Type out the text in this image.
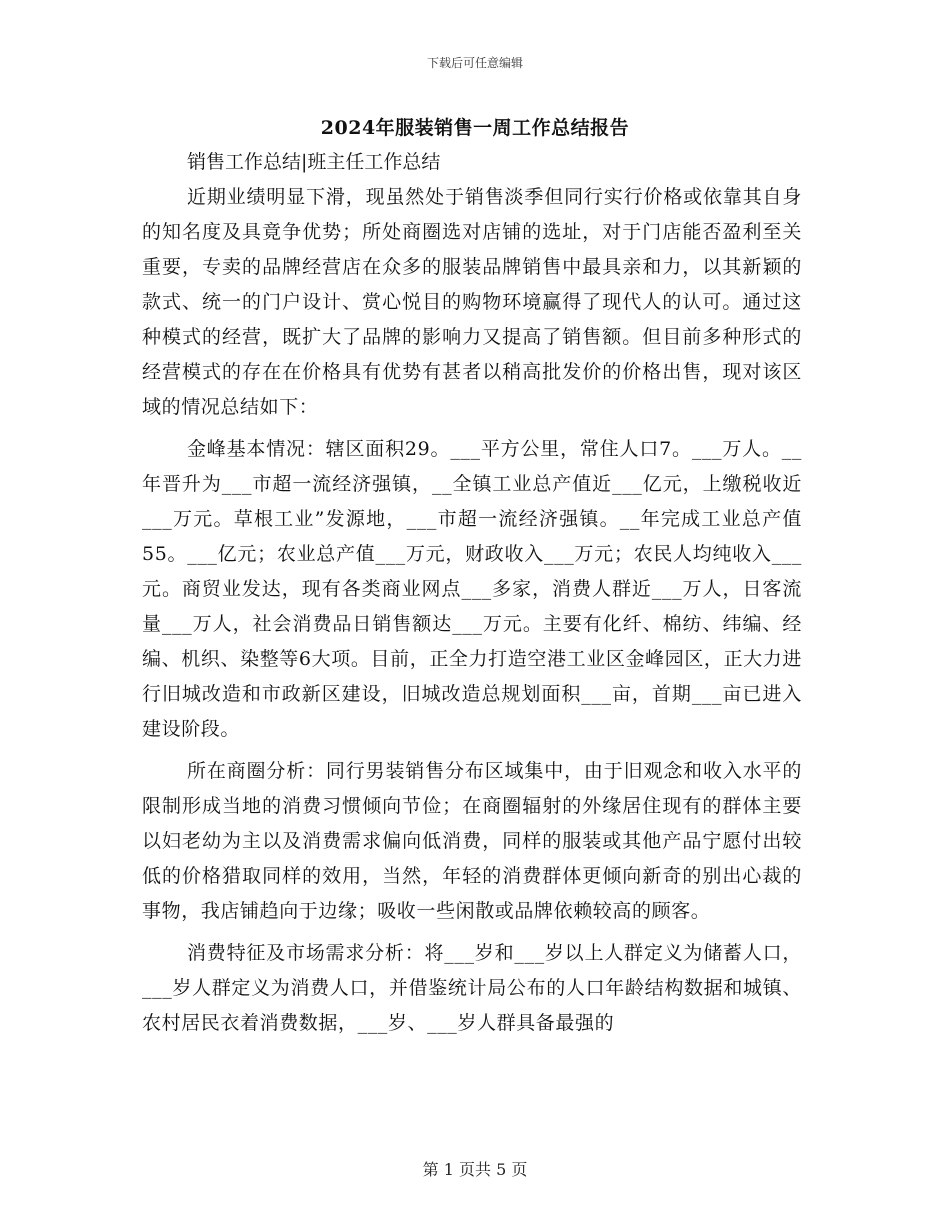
下载后可任意编辑
2024年服装销售一周工作总结报告

销售工作总结|班主任工作总结

近期业绩明显下滑，现虽然处于销售淡季但同行实行价格或依靠其自身的知名度及具竟争优势；所处商圈选对店铺的选址，对于门店能否盈利至关重要，专卖的品牌经营店在众多的服装品牌销售中最具亲和力，以其新颖的款式、统一的门户设计、赏心悦目的购物环境赢得了现代人的认可。通过这种模式的经营，既扩大了品牌的影响力又提高了销售额。但目前多种形式的经营模式的存在在价格具有优势有甚者以稍高批发价的价格出售，现对该区域的情况总结如下：

金峰基本情况：辖区面积29。___平方公里，常住人口7。___万人。__年晋升为___市超一流经济强镇，__全镇工业总产值近___亿元，上缴税收近___万元。草根工业”发源地，___市超一流经济强镇。__年完成工业总产值55。___亿元；农业总产值___万元，财政收入___万元；农民人均纯收入___元。商贸业发达，现有各类商业网点___多家，消费人群近___万人，日客流量___万人，社会消费品日销售额达___万元。主要有化纤、棉纺、纬编、经编、机织、染整等6大项。目前，正全力打造空港工业区金峰园区，正大力进行旧城改造和市政新区建设，旧城改造总规划面积___亩，首期___亩已进入建设阶段。

所在商圈分析：同行男装销售分布区域集中，由于旧观念和收入水平的限制形成当地的消费习惯倾向节俭；在商圈辐射的外缘居住现有的群体主要以妇老幼为主以及消费需求偏向低消费，同样的服装或其他产品宁愿付出较低的价格猎取同样的效用，当然，年轻的消费群体更倾向新奇的别出心裁的事物，我店铺趋向于边缘；吸收一些闲散或品牌依赖较高的顾客。

消费特征及市场需求分析：将___岁和___岁以上人群定义为储蓄人口，___岁人群定义为消费人口，并借鉴统计局公布的人口年龄结构数据和城镇、农村居民衣着消费数据，___岁、___岁人群具备最强的

第 1 页共 5 页
